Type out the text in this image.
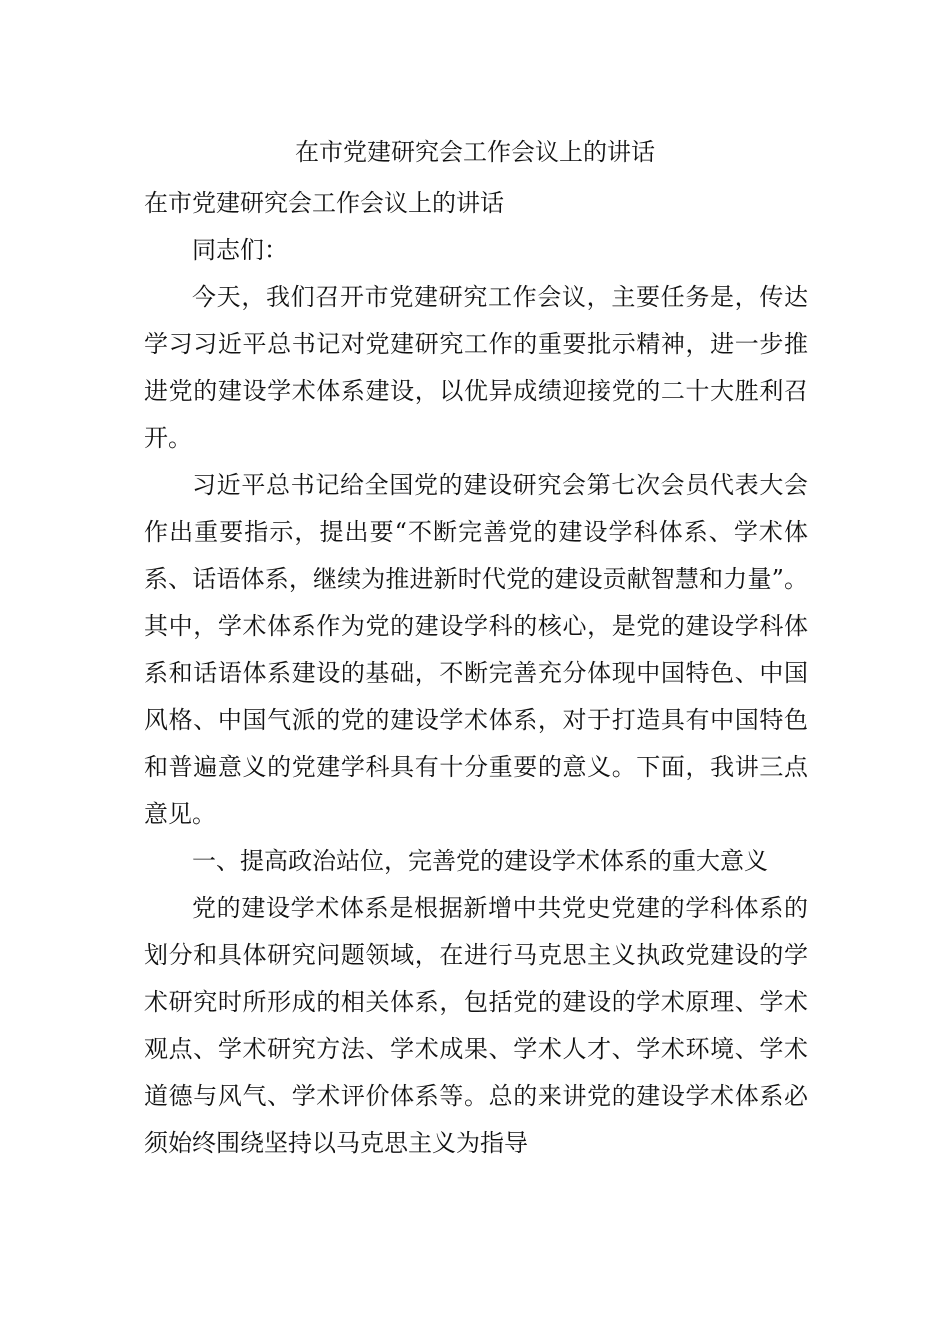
在市党建研究会工作会议上的讲话

在市党建研究会工作会议上的讲话

同志们：

今天，我们召开市党建研究工作会议，主要任务是，传达学习习近平总书记对党建研究工作的重要批示精神，进一步推进党的建设学术体系建设，以优异成绩迎接党的二十大胜利召开。

习近平总书记给全国党的建设研究会第七次会员代表大会作出重要指示，提出要“不断完善党的建设学科体系、学术体系、话语体系，继续为推进新时代党的建设贡献智慧和力量”。其中，学术体系作为党的建设学科的核心，是党的建设学科体系和话语体系建设的基础，不断完善充分体现中国特色、中国风格、中国气派的党的建设学术体系，对于打造具有中国特色和普遍意义的党建学科具有十分重要的意义。下面，我讲三点意见。

一、提高政治站位，完善党的建设学术体系的重大意义

党的建设学术体系是根据新增中共党史党建的学科体系的划分和具体研究问题领域，在进行马克思主义执政党建设的学术研究时所形成的相关体系，包括党的建设的学术原理、学术观点、学术研究方法、学术成果、学术人才、学术环境、学术道德与风气、学术评价体系等。总的来讲党的建设学术体系必须始终围绕坚持以马克思主义为指导
